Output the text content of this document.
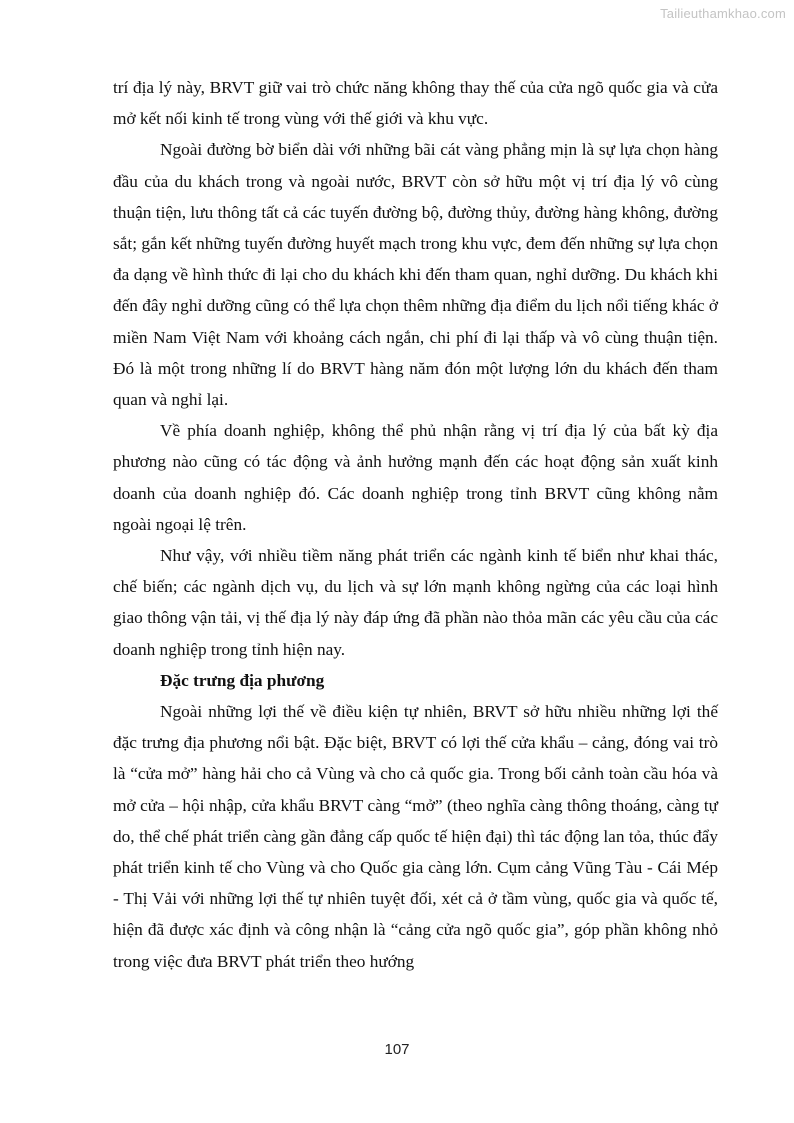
Tailieuthamkhao.com

trí địa lý này, BRVT giữ vai trò chức năng không thay thế của cửa ngõ quốc gia và cửa mở kết nối kinh tế trong vùng với thế giới và khu vực.

Ngoài đường bờ biển dài với những bãi cát vàng phẳng mịn là sự lựa chọn hàng đầu của du khách trong và ngoài nước, BRVT còn sở hữu một vị trí địa lý vô cùng thuận tiện, lưu thông tất cả các tuyến đường bộ, đường thủy, đường hàng không, đường sắt; gắn kết những tuyến đường huyết mạch trong khu vực, đem đến những sự lựa chọn đa dạng về hình thức đi lại cho du khách khi đến tham quan, nghỉ dưỡng. Du khách khi đến đây nghỉ dưỡng cũng có thể lựa chọn thêm những địa điểm du lịch nổi tiếng khác ở miền Nam Việt Nam với khoảng cách ngắn, chi phí đi lại thấp và vô cùng thuận tiện. Đó là một trong những lí do BRVT hàng năm đón một lượng lớn du khách đến tham quan và nghỉ lại.

Về phía doanh nghiệp, không thể phủ nhận rằng vị trí địa lý của bất kỳ địa phương nào cũng có tác động và ảnh hưởng mạnh đến các hoạt động sản xuất kinh doanh của doanh nghiệp đó. Các doanh nghiệp trong tỉnh BRVT cũng không nằm ngoài ngoại lệ trên.

Như vậy, với nhiều tiềm năng phát triển các ngành kinh tế biển như khai thác, chế biến; các ngành dịch vụ, du lịch và sự lớn mạnh không ngừng của các loại hình giao thông vận tải, vị thế địa lý này đáp ứng đã phần nào thỏa mãn các yêu cầu của các doanh nghiệp trong tỉnh hiện nay.

Đặc trưng địa phương

Ngoài những lợi thế về điều kiện tự nhiên, BRVT sở hữu nhiều những lợi thế đặc trưng địa phương nổi bật. Đặc biệt, BRVT có lợi thế cửa khẩu – cảng, đóng vai trò là “cửa mở” hàng hải cho cả Vùng và cho cả quốc gia. Trong bối cảnh toàn cầu hóa và mở cửa – hội nhập, cửa khẩu BRVT càng “mở” (theo nghĩa càng thông thoáng, càng tự do, thể chế phát triển càng gần đẳng cấp quốc tế hiện đại) thì tác động lan tỏa, thúc đẩy phát triển kinh tế cho Vùng và cho Quốc gia càng lớn. Cụm cảng Vũng Tàu - Cái Mép - Thị Vải với những lợi thế tự nhiên tuyệt đối, xét cả ở tầm vùng, quốc gia và quốc tế, hiện đã được xác định và công nhận là “cảng cửa ngõ quốc gia”, góp phần không nhỏ trong việc đưa BRVT phát triển theo hướng

107
